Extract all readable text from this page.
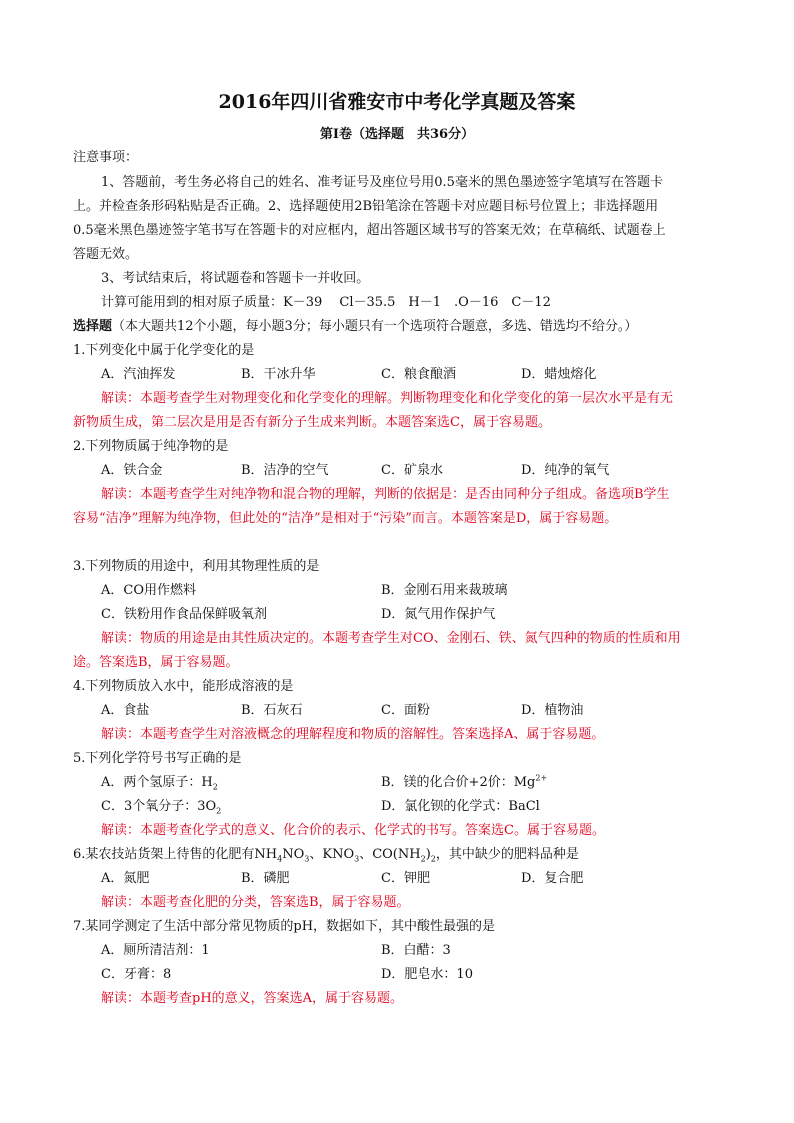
2016年四川省雅安市中考化学真题及答案
第Ⅰ卷（选择题　共36分）
注意事项：
1、答题前，考生务必将自己的姓名、准考证号及座位号用0.5毫米的黑色墨迹签字笔填写在答题卡
上。并检查条形码粘贴是否正确。2、选择题使用2B铅笔涂在答题卡对应题目标号位置上；非选择题用
0.5毫米黑色墨迹签字笔书写在答题卡的对应框内，超出答题区域书写的答案无效；在草稿纸、试题卷上
答题无效。
3、考试结束后，将试题卷和答题卡一并收回。
计算可能用到的相对原子质量：K－39　 Cl－35.5　H－1　.O－16　C－12
选择题（本大题共12个小题，每小题3分；每小题只有一个选项符合题意，多选、错选均不给分。）
1.下列变化中属于化学变化的是
A．汽油挥发	B．干冰升华	C．粮食酿酒	D．蜡烛熔化
解读：本题考查学生对物理变化和化学变化的理解。判断物理变化和化学变化的第一层次水平是有无
新物质生成，第二层次是用是否有新分子生成来判断。本题答案选C，属于容易题。
2.下列物质属于纯净物的是
A．铁合金	B．洁净的空气	C．矿泉水	D．纯净的氧气
解读：本题考查学生对纯净物和混合物的理解，判断的依据是：是否由同种分子组成。备选项B学生
容易“洁净”理解为纯净物，但此处的“洁净”是相对于“污染”而言。本题答案是D，属于容易题。
3.下列物质的用途中，利用其物理性质的是
A．CO用作燃料	B．金刚石用来裁玻璃
C．铁粉用作食品保鲜吸氧剂	D．氮气用作保护气
解读：物质的用途是由其性质决定的。本题考查学生对CO、金刚石、铁、氮气四种的物质的性质和用
途。答案选B，属于容易题。
4.下列物质放入水中，能形成溶液的是
A．食盐	B．石灰石	C．面粉	D．植物油
解读：本题考查学生对溶液概念的理解程度和物质的溶解性。答案选择A、属于容易题。
5.下列化学符号书写正确的是
A．两个氢原子：$H_2$	B．镁的化合价+2价：$Mg^{2+}$
C．3个氧分子：$3O_2$	D．氯化钡的化学式：BaCl
解读：本题考查化学式的意义、化合价的表示、化学式的书写。答案选C。属于容易题。
6.某农技站货架上待售的化肥有$NH_4NO_3$、$KNO_3$、$CO(NH_2)_2$，其中缺少的肥料品种是
A．氮肥	B．磷肥	C．钾肥	D．复合肥
解读：本题考查化肥的分类，答案选B，属于容易题。
7.某同学测定了生活中部分常见物质的pH，数据如下，其中酸性最强的是
A．厕所清洁剂：1	B．白醋：3
C．牙膏：8	D．肥皂水：10
解读：本题考查pH的意义，答案选A，属于容易题。
